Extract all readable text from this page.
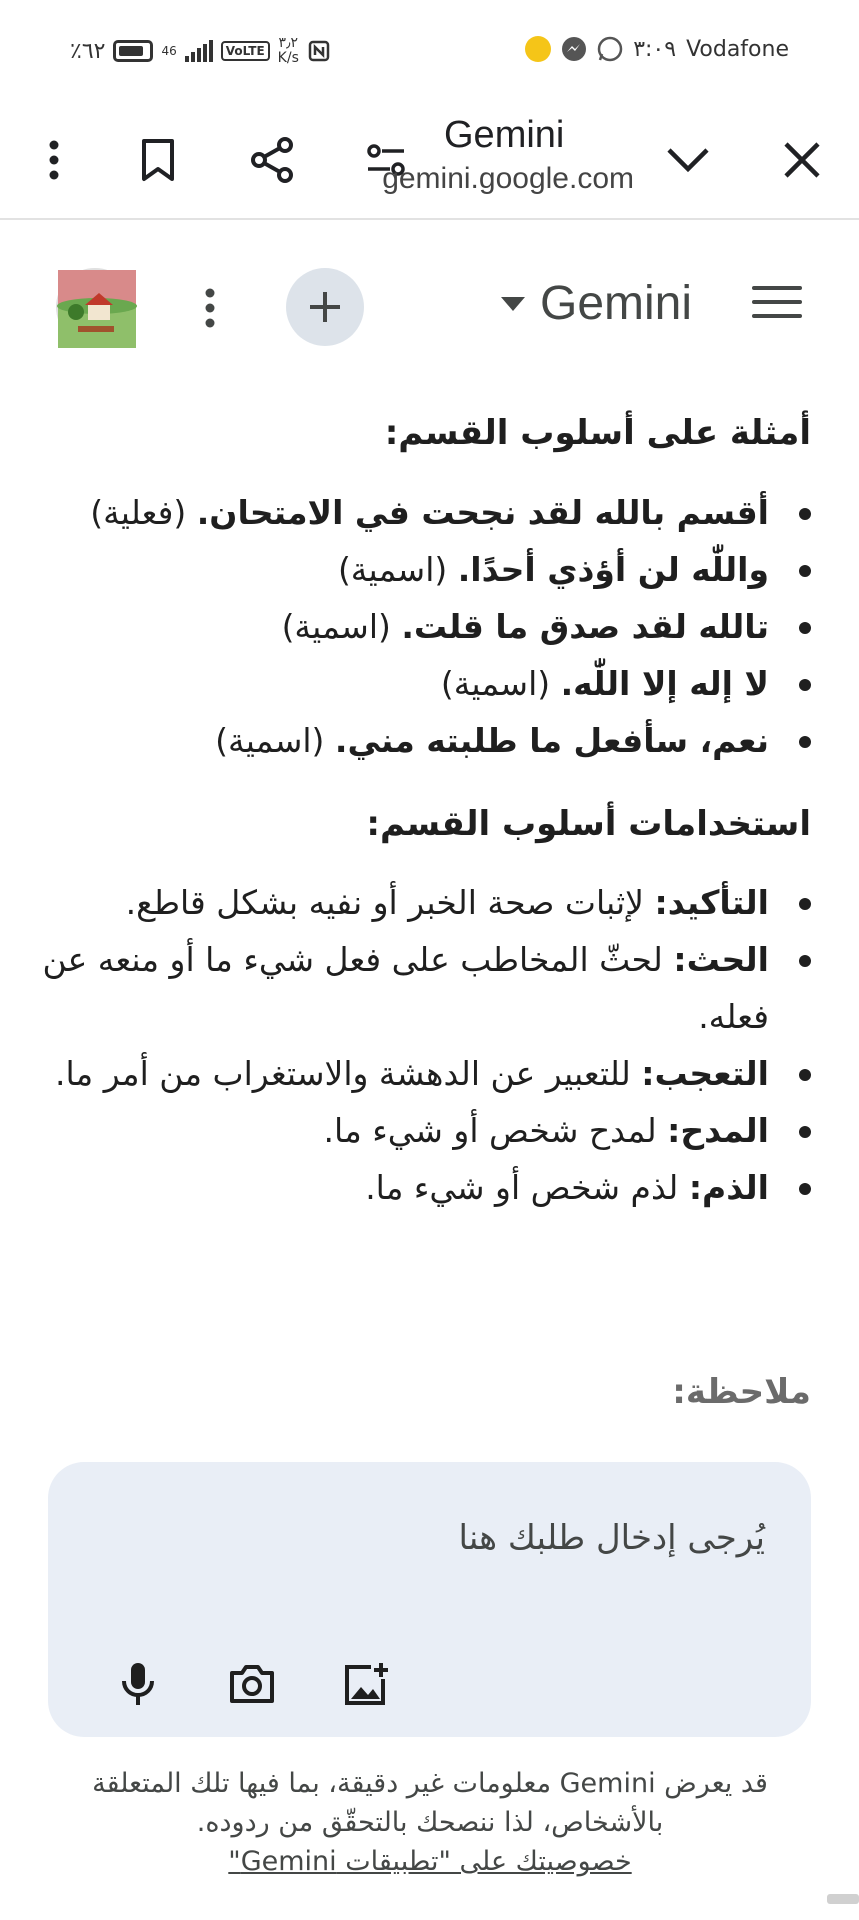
٪٦٢	46	VoLTE ٣٫٢
K/s	٣:٠٩ Vodafone
Gemini
gemini.google.com
Gemini
أمثلة على أسلوب القسم:
أقسم بالله لقد نجحت في الامتحان. (فعلية)
واللّٰه لن أؤذي أحدًا. (اسمية)
تالله لقد صدق ما قلت. (اسمية)
لا إله إلا اللّٰه. (اسمية)
نعم، سأفعل ما طلبته مني. (اسمية)
استخدامات أسلوب القسم:
التأكيد: لإثبات صحة الخبر أو نفيه بشكل قاطع.
الحث: لحثّ المخاطب على فعل شيء ما أو منعه عن فعله.
التعجب: للتعبير عن الدهشة والاستغراب من أمر ما.
المدح: لمدح شخص أو شيء ما.
الذم: لذم شخص أو شيء ما.
ملاحظة:
يُرجى إدخال طلبك هنا
قد يعرض Gemini معلومات غير دقيقة، بما فيها تلك المتعلقة بالأشخاص، لذا ننصحك بالتحقّق من ردوده.
خصوصيتك على "تطبيقات Gemini"
